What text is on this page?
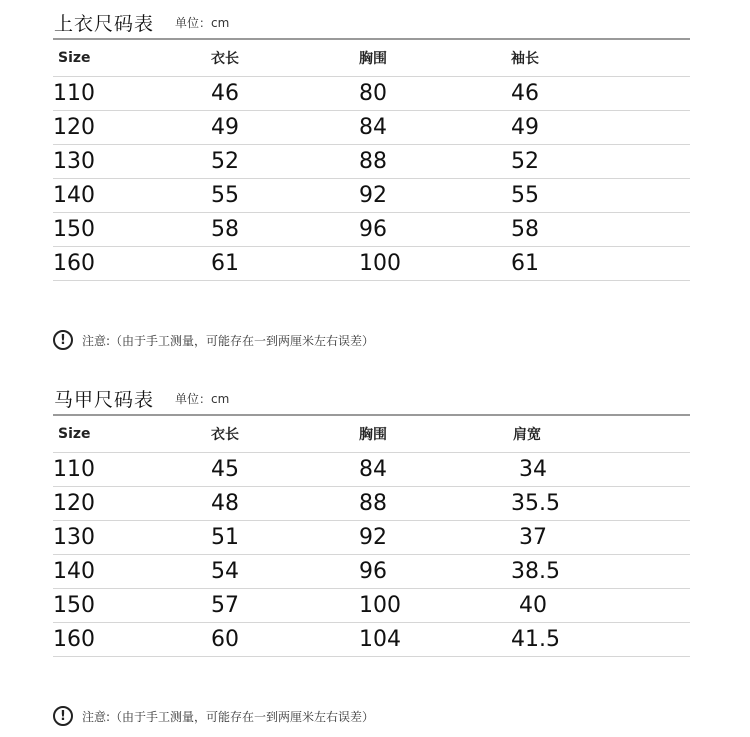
上衣尺码表 单位：cm
Size	衣长	胸围	袖长
110	46	80	46
120	49	84	49
130	52	88	52
140	55	92	55
150	58	96	58
160	61	100	61
!	注意:（由于手工测量，可能存在一到两厘米左右误差）
马甲尺码表 单位：cm
Size	衣长	胸围	肩宽
110	45	84	34
120	48	88	35.5
130	51	92	37
140	54	96	38.5
150	57	100	40
160	60	104	41.5
!	注意:（由于手工测量，可能存在一到两厘米左右误差）
